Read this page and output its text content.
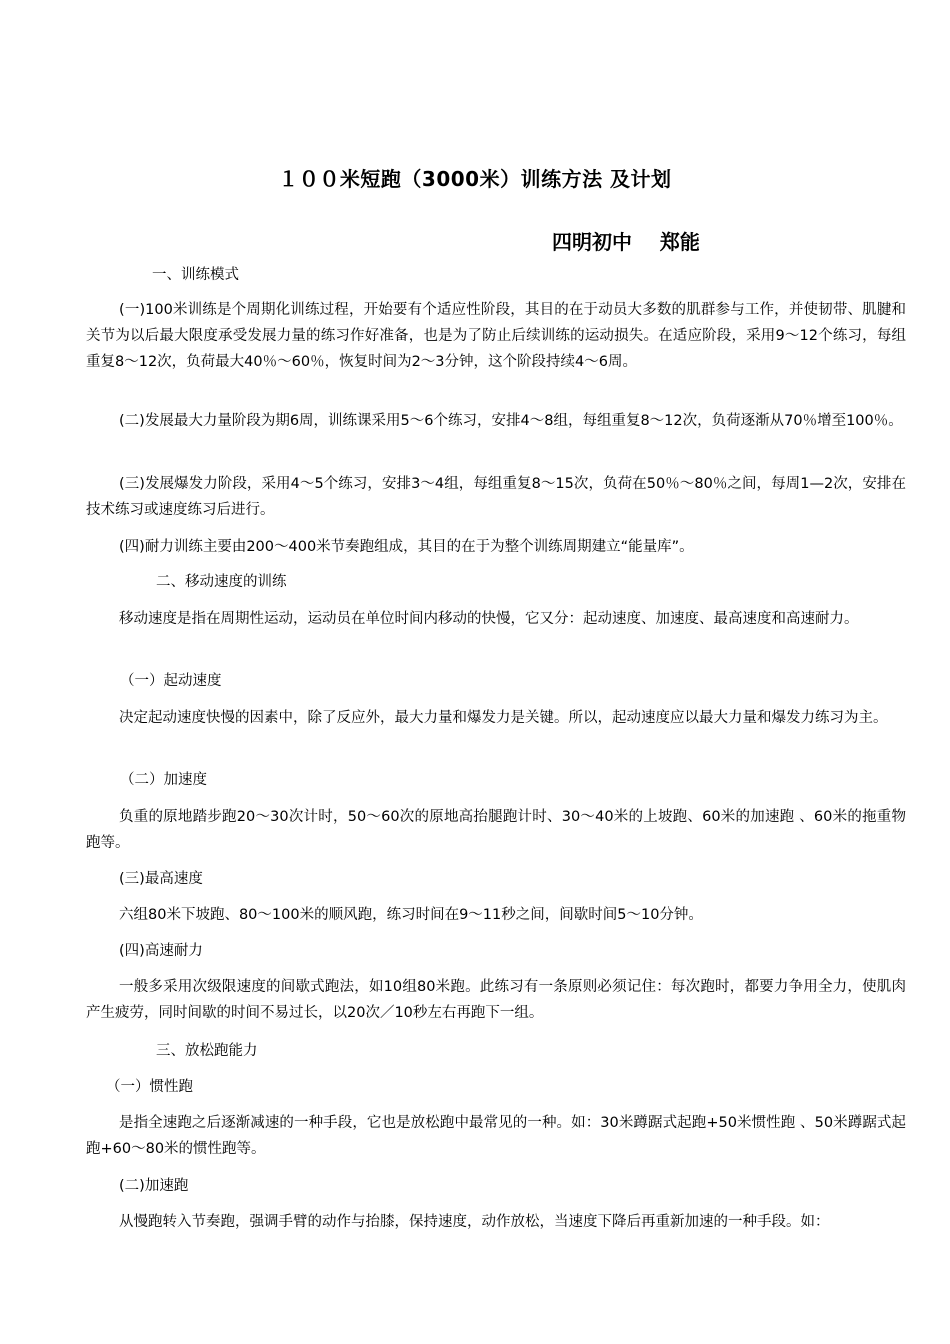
１００米短跑（3000米）训练方法 及计划
四明初中    郑能
一、训练模式
(一)100米训练是个周期化训练过程，开始要有个适应性阶段，其目的在于动员大多数的肌群参与工作，并使韧带、肌腱和关节为以后最大限度承受发展力量的练习作好准备，也是为了防止后续训练的运动损失。在适应阶段，采用9～12个练习，每组重复8～12次，负荷最大40％～60％，恢复时间为2～3分钟，这个阶段持续4～6周。
(二)发展最大力量阶段为期6周，训练课采用5～6个练习，安排4～8组，每组重复8～12次，负荷逐渐从70％增至100％。
(三)发展爆发力阶段，采用4～5个练习，安排3～4组，每组重复8～15次，负荷在50％～80％之间，每周1—2次，安排在技术练习或速度练习后进行。
(四)耐力训练主要由200～400米节奏跑组成，其目的在于为整个训练周期建立“能量库”。
二、移动速度的训练
移动速度是指在周期性运动，运动员在单位时间内移动的快慢，它又分：起动速度、加速度、最高速度和高速耐力。
（一）起动速度
决定起动速度快慢的因素中，除了反应外，最大力量和爆发力是关键。所以，起动速度应以最大力量和爆发力练习为主。
（二）加速度
负重的原地踏步跑20～30次计时，50～60次的原地高抬腿跑计时、30～40米的上坡跑、60米的加速跑 、60米的拖重物跑等。
(三)最高速度
六组80米下坡跑、80～100米的顺风跑，练习时间在9～11秒之间，间歇时间5～10分钟。
(四)高速耐力
一般多采用次级限速度的间歇式跑法，如10组80米跑。此练习有一条原则必须记住：每次跑时，都要力争用全力，使肌肉产生疲劳，同时间歇的时间不易过长，以20次／10秒左右再跑下一组。
三、放松跑能力
（一）惯性跑
是指全速跑之后逐渐减速的一种手段，它也是放松跑中最常见的一种。如：30米蹲踞式起跑+50米惯性跑 、50米蹲踞式起跑+60～80米的惯性跑等。
(二)加速跑
从慢跑转入节奏跑，强调手臂的动作与抬膝，保持速度，动作放松，当速度下降后再重新加速的一种手段。如：
